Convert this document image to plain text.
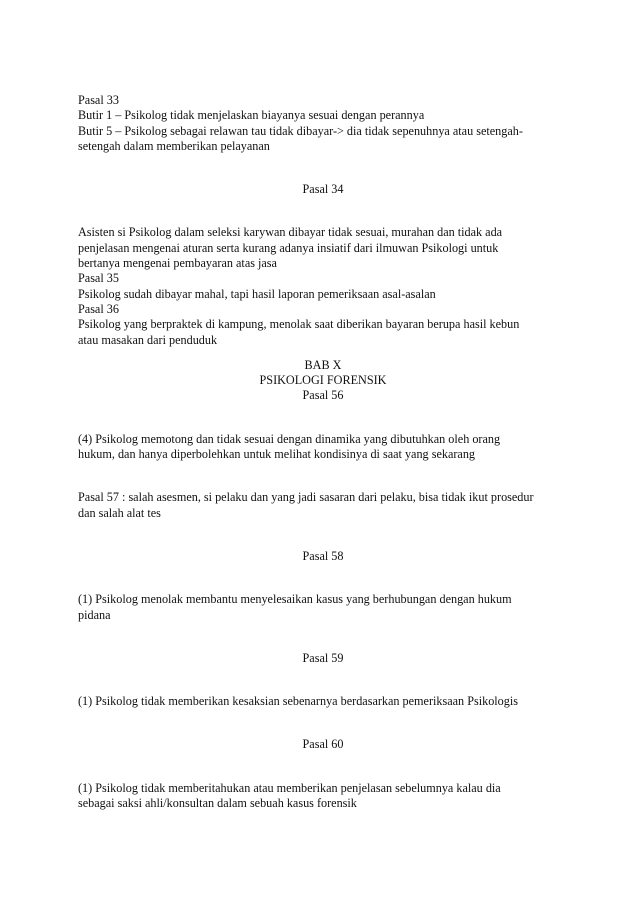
Pasal 33
Butir 1 – Psikolog tidak menjelaskan biayanya sesuai dengan perannya
Butir 5 – Psikolog sebagai relawan tau tidak dibayar-> dia tidak sepenuhnya atau setengah-
setengah dalam memberikan pelayanan
Pasal 34
Asisten si Psikolog dalam seleksi karywan dibayar tidak sesuai, murahan dan tidak ada
penjelasan mengenai aturan serta kurang adanya insiatif dari ilmuwan Psikologi untuk
bertanya mengenai pembayaran atas jasa
Pasal 35
Psikolog sudah dibayar mahal, tapi hasil laporan pemeriksaan asal-asalan
Pasal 36
Psikolog yang berpraktek di kampung, menolak saat diberikan bayaran berupa hasil kebun
atau masakan dari penduduk
BAB X
PSIKOLOGI FORENSIK
Pasal 56
(4) Psikolog memotong dan tidak sesuai dengan dinamika yang dibutuhkan oleh orang
hukum, dan hanya diperbolehkan untuk melihat kondisinya di saat yang sekarang
Pasal 57 : salah asesmen, si pelaku dan yang jadi sasaran dari pelaku, bisa tidak ikut prosedur
dan salah alat tes
Pasal 58
(1) Psikolog menolak membantu menyelesaikan kasus yang berhubungan dengan hukum
pidana
Pasal 59
(1) Psikolog tidak memberikan kesaksian sebenarnya berdasarkan pemeriksaan Psikologis
Pasal 60
(1) Psikolog tidak memberitahukan atau memberikan penjelasan sebelumnya kalau dia
sebagai saksi ahli/konsultan dalam sebuah kasus forensik
